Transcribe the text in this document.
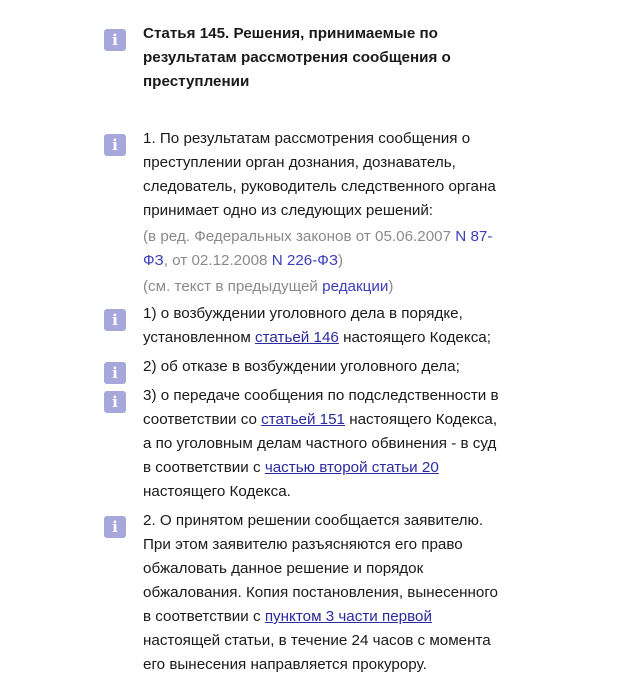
i	Статья 145. Решения, принимаемые по
результатам рассмотрения сообщения о
преступлении
i	1. По результатам рассмотрения сообщения о
преступлении орган дознания, дознаватель,
следователь, руководитель следственного органа
принимает одно из следующих решений:
(в ред. Федеральных законов от 05.06.2007 N 87-
ФЗ, от 02.12.2008 N 226-ФЗ)
(см. текст в предыдущей редакции)
i	1) о возбуждении уголовного дела в порядке,
установленном статьей 146 настоящего Кодекса;
i	2) об отказе в возбуждении уголовного дела;
i	3) о передаче сообщения по подследственности в
соответствии со статьей 151 настоящего Кодекса,
а по уголовным делам частного обвинения - в суд
в соответствии с частью второй статьи 20
настоящего Кодекса.
i	2. О принятом решении сообщается заявителю.
При этом заявителю разъясняются его право
обжаловать данное решение и порядок
обжалования. Копия постановления, вынесенного
в соответствии с пунктом 3 части первой
настоящей статьи, в течение 24 часов с момента
его вынесения направляется прокурору.
